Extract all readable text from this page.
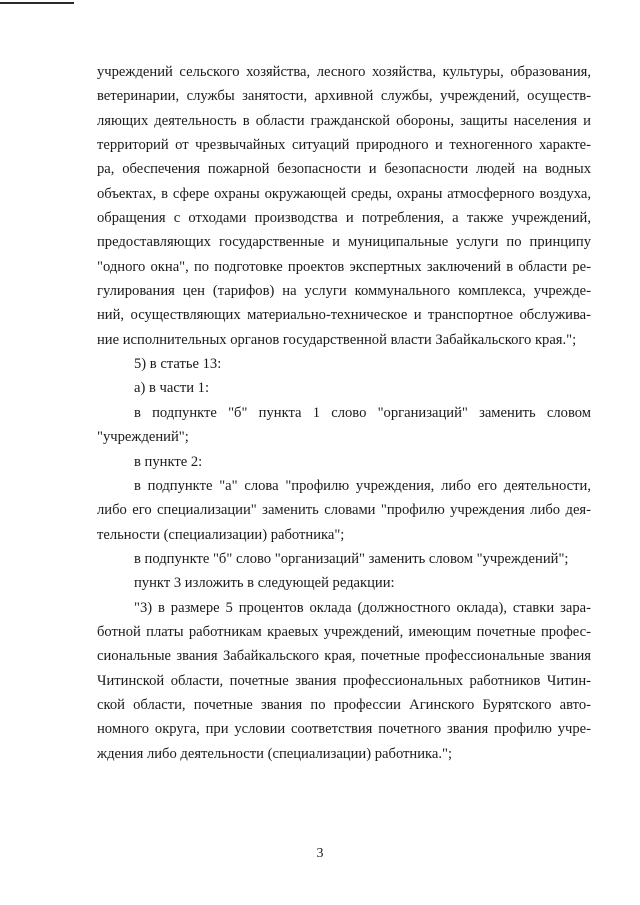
учреждений сельского хозяйства, лесного хозяйства, культуры, образования,
ветеринарии, службы занятости, архивной службы, учреждений, осуществ-
ляющих деятельность в области гражданской обороны, защиты населения и
территорий от чрезвычайных ситуаций природного и техногенного характе-
ра, обеспечения пожарной безопасности и безопасности людей на водных
объектах, в сфере охраны окружающей среды, охраны атмосферного воздуха,
обращения с отходами производства и потребления, а также учреждений,
предоставляющих государственные и муниципальные услуги по принципу
"одного окна", по подготовке проектов экспертных заключений в области ре-
гулирования цен (тарифов) на услуги коммунального комплекса, учрежде-
ний, осуществляющих материально-техническое и транспортное обслужива-
ние исполнительных органов государственной власти Забайкальского края.";
5) в статье 13:
а) в части 1:
в подпункте "б" пункта 1 слово "организаций" заменить словом
"учреждений";
в пункте 2:
в подпункте "а" слова "профилю учреждения, либо его деятельности,
либо его специализации" заменить словами "профилю учреждения либо дея-
тельности (специализации) работника";
в подпункте "б" слово "организаций" заменить словом "учреждений";
пункт 3 изложить в следующей редакции:
"3) в размере 5 процентов оклада (должностного оклада), ставки зара-
ботной платы работникам краевых учреждений, имеющим почетные профес-
сиональные звания Забайкальского края, почетные профессиональные звания
Читинской области, почетные звания профессиональных работников Читин-
ской области, почетные звания по профессии Агинского Бурятского авто-
номного округа, при условии соответствия почетного звания профилю учре-
ждения либо деятельности (специализации) работника.";
3
